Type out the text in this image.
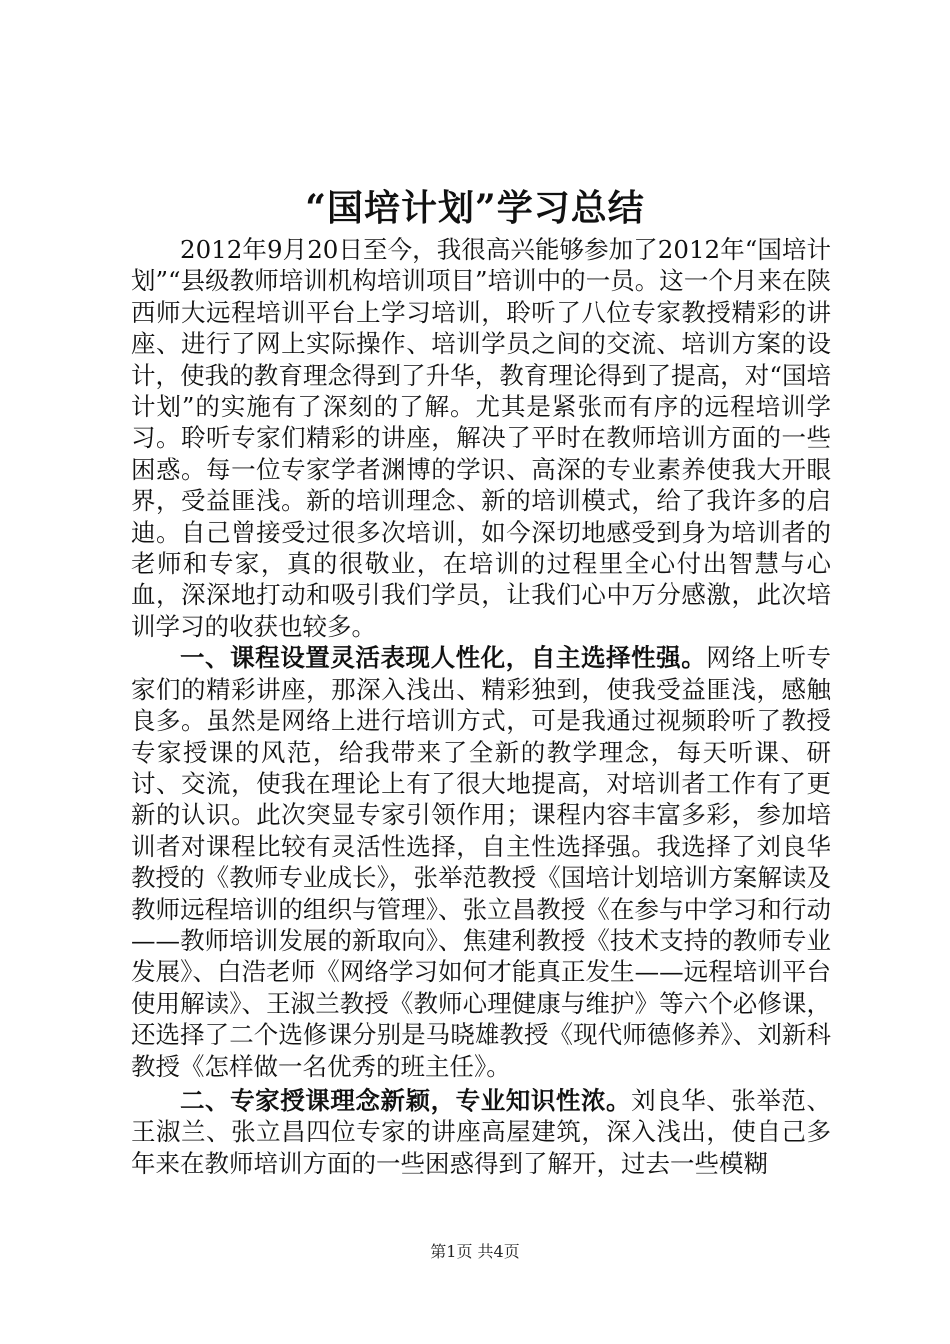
“国培计划”学习总结

2012年9月20日至今，我很高兴能够参加了2012年“国培计划”“县级教师培训机构培训项目”培训中的一员。这一个月来在陕西师大远程培训平台上学习培训，聆听了八位专家教授精彩的讲座、进行了网上实际操作、培训学员之间的交流、培训方案的设计，使我的教育理念得到了升华，教育理论得到了提高，对“国培计划”的实施有了深刻的了解。尤其是紧张而有序的远程培训学习。聆听专家们精彩的讲座，解决了平时在教师培训方面的一些困惑。每一位专家学者渊博的学识、高深的专业素养使我大开眼界，受益匪浅。新的培训理念、新的培训模式，给了我许多的启迪。自己曾接受过很多次培训，如今深切地感受到身为培训者的老师和专家，真的很敬业，在培训的过程里全心付出智慧与心血，深深地打动和吸引我们学员，让我们心中万分感激，此次培训学习的收获也较多。

一、课程设置灵活表现人性化，自主选择性强。网络上听专家们的精彩讲座，那深入浅出、精彩独到，使我受益匪浅，感触良多。虽然是网络上进行培训方式，可是我通过视频聆听了教授专家授课的风范，给我带来了全新的教学理念，每天听课、研讨、交流，使我在理论上有了很大地提高，对培训者工作有了更新的认识。此次突显专家引领作用；课程内容丰富多彩，参加培训者对课程比较有灵活性选择，自主性选择强。我选择了刘良华教授的《教师专业成长》，张举范教授《国培计划培训方案解读及教师远程培训的组织与管理》、张立昌教授《在参与中学习和行动——教师培训发展的新取向》、焦建利教授《技术支持的教师专业发展》、白浩老师《网络学习如何才能真正发生——远程培训平台使用解读》、王淑兰教授《教师心理健康与维护》等六个必修课，还选择了二个选修课分别是马晓雄教授《现代师德修养》、刘新科教授《怎样做一名优秀的班主任》。

二、专家授课理念新颖，专业知识性浓。刘良华、张举范、王淑兰、张立昌四位专家的讲座高屋建筑，深入浅出，使自己多年来在教师培训方面的一些困惑得到了解开，过去一些模糊

第1页 共4页
